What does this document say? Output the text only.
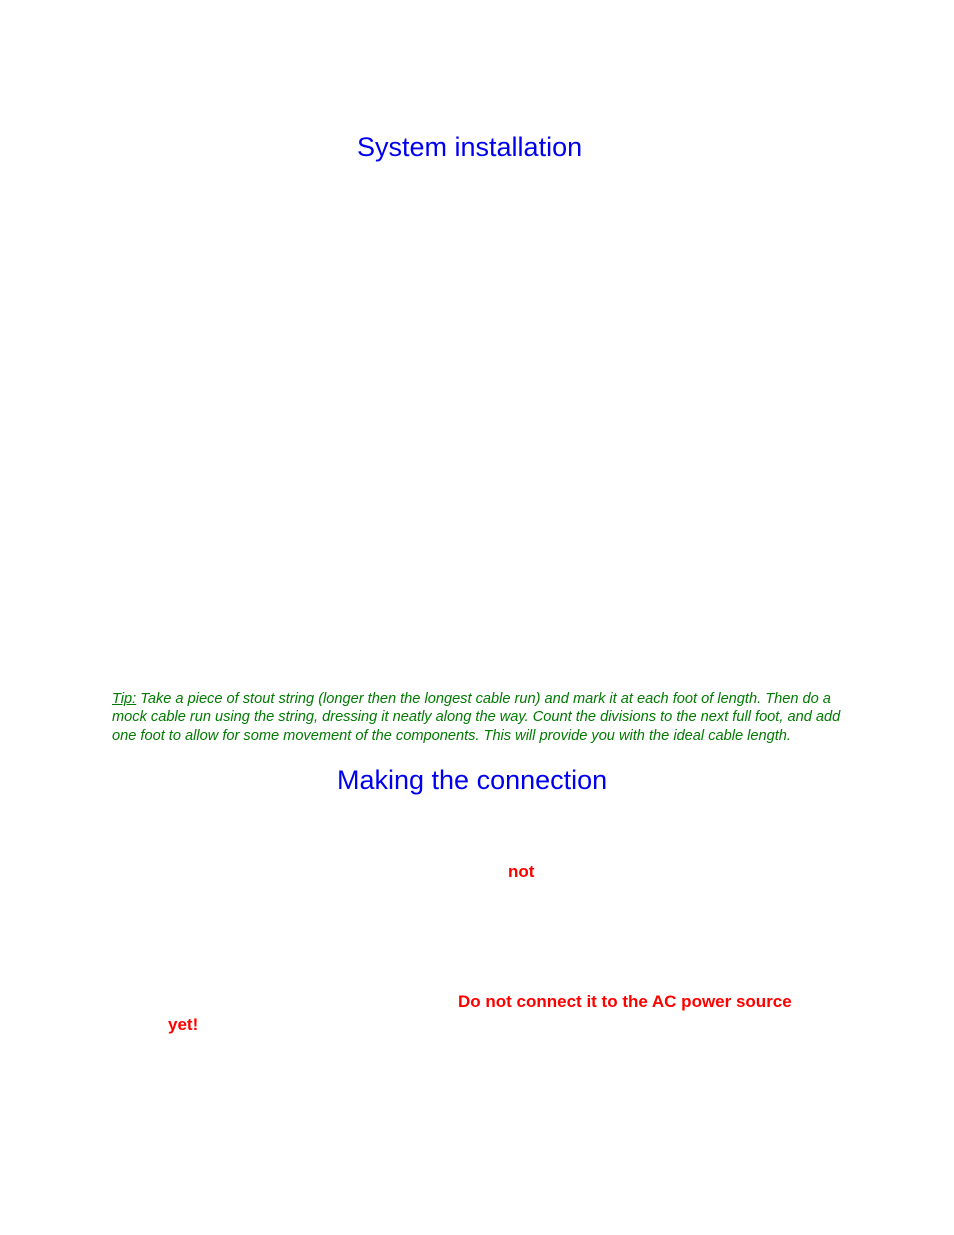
System installation

Tip: Take a piece of stout string (longer then the longest cable run) and mark it at each foot of length. Then do a mock cable run using the string, dressing it neatly along the way. Count the divisions to the next full foot, and add one foot to allow for some movement of the components. This will provide you with the ideal cable length.

Making the connection
not
Do not connect it to the AC power source
yet!
